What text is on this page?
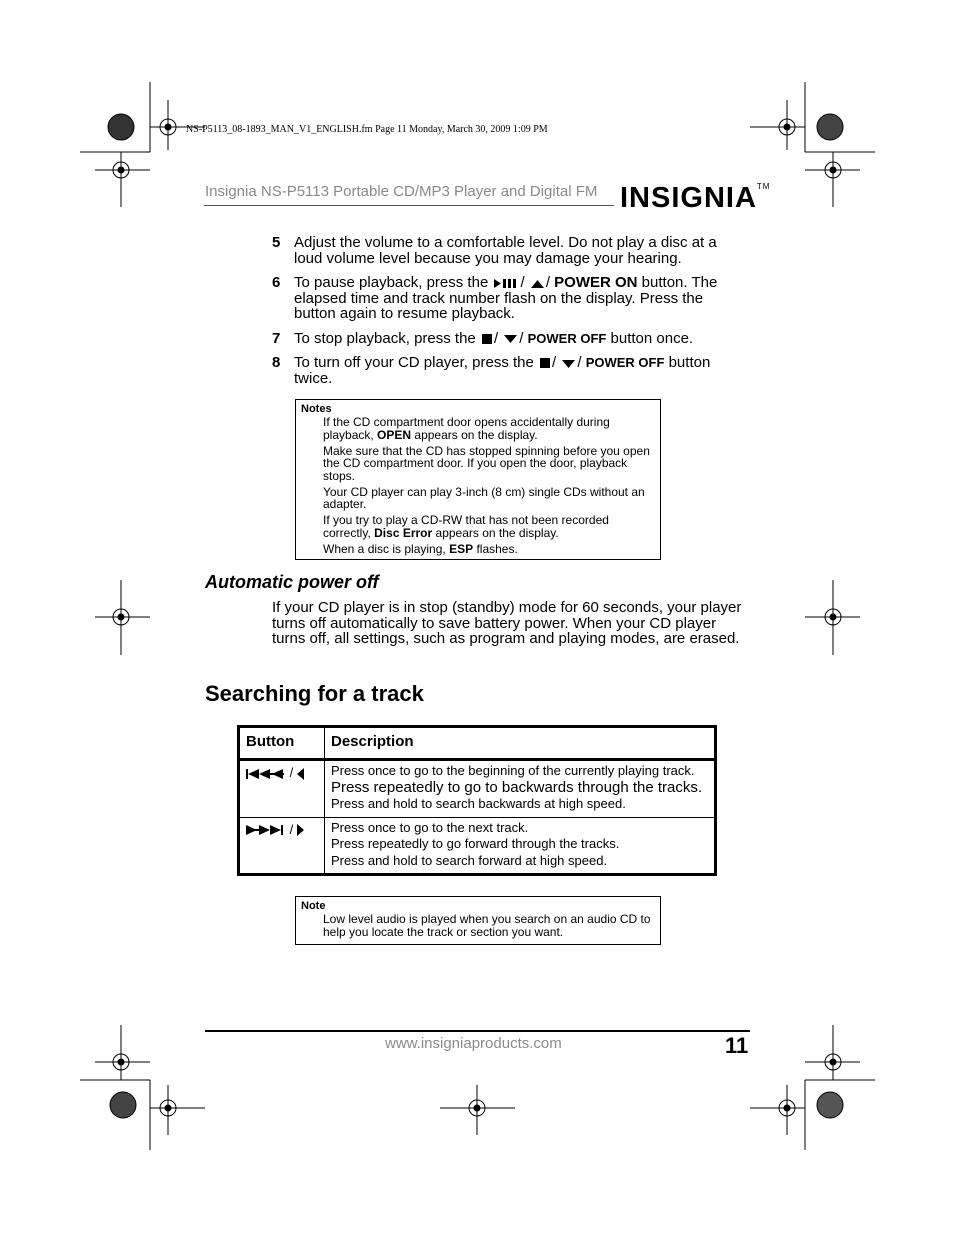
NS-P5113_08-1893_MAN_V1_ENGLISH.fm Page 11 Monday, March 30, 2009 1:09 PM
Insignia NS-P5113 Portable CD/MP3 Player and Digital FM INSIGNIA™
5 Adjust the volume to a comfortable level. Do not play a disc at a loud volume level because you may damage your hearing.
6 To pause playback, press the / / POWER ON button. The elapsed time and track number flash on the display. Press the button again to resume playback.
7 To stop playback, press the / / POWER OFF button once.
8 To turn off your CD player, press the / / POWER OFF button twice.
Notes
If the CD compartment door opens accidentally during playback, OPEN appears on the display.
Make sure that the CD has stopped spinning before you open the CD compartment door. If you open the door, playback stops.
Your CD player can play 3-inch (8 cm) single CDs without an adapter.
If you try to play a CD-RW that has not been recorded correctly, Disc Error appears on the display.
When a disc is playing, ESP flashes.
Automatic power off
If your CD player is in stop (standby) mode for 60 seconds, your player turns off automatically to save battery power. When your CD player turns off, all settings, such as program and playing modes, are erased.
Searching for a track
Button	Description
/	Press once to go to the beginning of the currently playing track.
Press repeatedly to go to backwards through the tracks.
Press and hold to search backwards at high speed.

/	Press once to go to the next track.
Press repeatedly to go forward through the tracks.
Press and hold to search forward at high speed.
Note
Low level audio is played when you search on an audio CD to help you locate the track or section you want.
www.insigniaproducts.com	11
